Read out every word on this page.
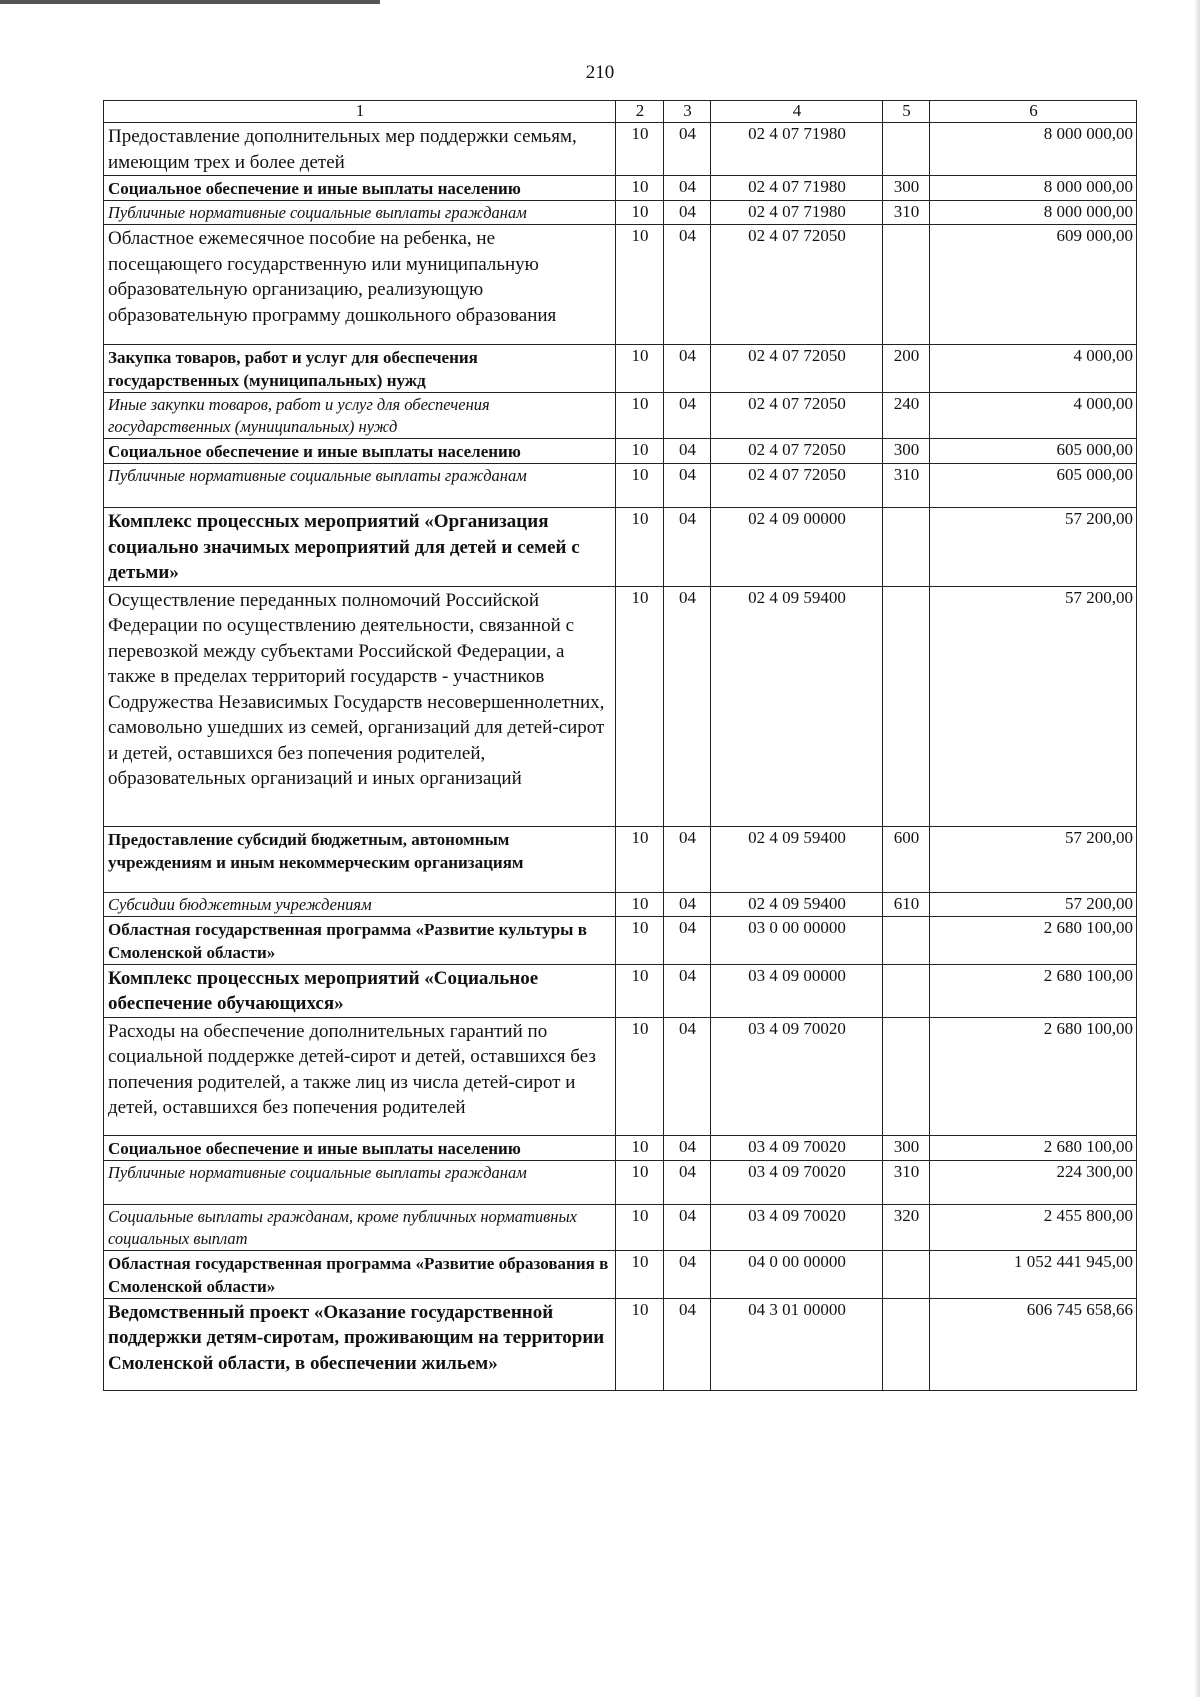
210
1	2	3	4	5	6
Предоставление дополнительных мер поддержки семьям, имеющим трех и более детей	10	04	02 4 07 71980		8 000 000,00
Социальное обеспечение и иные выплаты населению	10	04	02 4 07 71980	300	8 000 000,00
Публичные нормативные социальные выплаты гражданам	10	04	02 4 07 71980	310	8 000 000,00
Областное ежемесячное пособие на ребенка, не посещающего государственную или муниципальную образовательную организацию, реализующую образовательную программу дошкольного образования	10	04	02 4 07 72050		609 000,00
Закупка товаров, работ и услуг для обеспечения государственных (муниципальных) нужд	10	04	02 4 07 72050	200	4 000,00
Иные закупки товаров, работ и услуг для обеспечения государственных (муниципальных) нужд	10	04	02 4 07 72050	240	4 000,00
Социальное обеспечение и иные выплаты населению	10	04	02 4 07 72050	300	605 000,00
Публичные нормативные социальные выплаты гражданам	10	04	02 4 07 72050	310	605 000,00
Комплекс процессных мероприятий «Организация социально значимых мероприятий для детей и семей с детьми»	10	04	02 4 09 00000		57 200,00
Осуществление переданных полномочий Российской Федерации по осуществлению деятельности, связанной с перевозкой между субъектами Российской Федерации, а также в пределах территорий государств - участников Содружества Независимых Государств несовершеннолетних, самовольно ушедших из семей, организаций для детей-сирот и детей, оставшихся без попечения родителей, образовательных организаций и иных организаций	10	04	02 4 09 59400		57 200,00
Предоставление субсидий бюджетным, автономным учреждениям и иным некоммерческим организациям	10	04	02 4 09 59400	600	57 200,00
Субсидии бюджетным учреждениям	10	04	02 4 09 59400	610	57 200,00
Областная государственная программа «Развитие культуры в Смоленской области»	10	04	03 0 00 00000		2 680 100,00
Комплекс процессных мероприятий «Социальное обеспечение обучающихся»	10	04	03 4 09 00000		2 680 100,00
Расходы на обеспечение дополнительных гарантий по социальной поддержке детей-сирот и детей, оставшихся без попечения родителей, а также лиц из числа детей-сирот и детей, оставшихся без попечения родителей	10	04	03 4 09 70020		2 680 100,00
Социальное обеспечение и иные выплаты населению	10	04	03 4 09 70020	300	2 680 100,00
Публичные нормативные социальные выплаты гражданам	10	04	03 4 09 70020	310	224 300,00
Социальные выплаты гражданам, кроме публичных нормативных социальных выплат	10	04	03 4 09 70020	320	2 455 800,00
Областная государственная программа «Развитие образования в Смоленской области»	10	04	04 0 00 00000		1 052 441 945,00
Ведомственный проект «Оказание государственной поддержки детям-сиротам, проживающим на территории Смоленской области, в обеспечении жильем»	10	04	04 3 01 00000		606 745 658,66
